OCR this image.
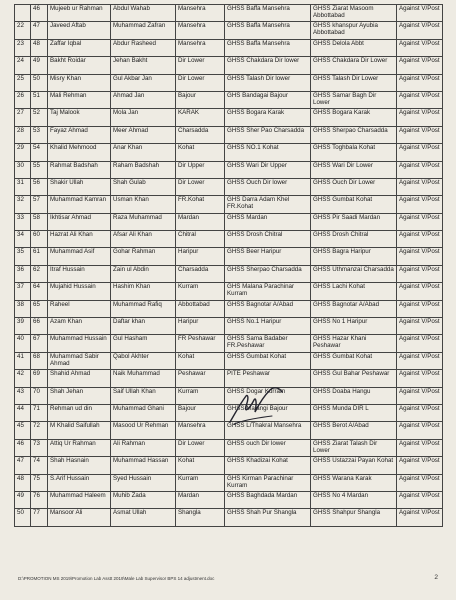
	46	Mujeeb ur Rahman	Abdul Wahab	Mansehra	GHSS Baffa Mansehra	GHSS Ziarat Masoom Abbottabad	Against V/Post
22	47	Javeed Aftab	Muhammad Zafran	Mansehra	GHSS Baffa Mansehra	GHSS khanspur Ayubia Abbottabad	Against V/Post
23	48	Zaffar Iqbal	Abdur Rasheed	Mansehra	GHSS Baffa Mansehra	GHSS Delola Abbt	Against V/Post
24	49	Bakht Roidar	Jehan Bakht	Dir Lower	GHSS Chakdara Dir lower	GHSS Chakdara Dir Lower	Against V/Post
25	50	Misry Khan	Gul Akbar Jan	Dir Lower	GHSS Talash Dir lower	GHSS Talash Dir Lower	Against V/Post
26	51	Mali Rehman	Ahmad Jan	Bajour	GHS Bandagai Bajour	GHSS Samar Bagh Dir Lower	Against V/Post
27	52	Taj Malook	Mola Jan	KARAK	GHSS Bogara Karak	GHSS Bogara Karak	Against V/Post
28	53	Fayaz Ahmad	Meer Ahmad	Charsadda	GHSS Sher Pao Charsadda	GHSS Sherpao Charsadda	Against V/Post
29	54	Khalid Mehmood	Anar Khan	Kohat	GHSS NO.1 Kohat	GHSS Toghbala Kohat	Against V/Post
30	55	Rahmat Badshah	Raham Badshah	Dir Upper	GHSS Wari Dir Upper	GHSS Wari Dir Lower	Against V/Post
31	56	Shakir Ullah	Shah Gulab	Dir Lower	GHSS Ouch Dir lower	GHSS Ouch Dir Lower	Against V/Post
32	57	Muhammad Kamran	Usman Khan	FR.Kohat	GHS Darra Adam Khel FR.Kohat	GHSS Gumbat Kohat	Against V/Post
33	58	Ikhtisar Ahmad	Raza Muhammad	Mardan	GHSS Mardan	GHSS Pir Saadi Mardan	Against V/Post
34	60	Hazrat Ali Khan	Afsar Ali Khan	Chitral	GHSS Drosh Chitral	GHSS Drosh Chitral	Against V/Post
35	61	Muhammad Asif	Gohar Rahman	Haripur	GHSS Beer Haripur	GHSS Bagra Haripur	Against V/Post
36	62	Itraf Hussain	Zain ul Abdin	Charsadda	GHSS Sherpao Charsadda	GHSS Uthmanzai Charsadda	Against V/Post
37	64	Mujahid Hussain	Hashim Khan	Kurram	GHS Malana Parachinar Kurram	GHSS Lachi Kohat	Against V/Post
38	65	Raheel	Muhammad Rafiq	Abbottabad	GHSS Bagnotar A/Abad	GHSS Bagnotar A/Abad	Against V/Post
39	66	Azam Khan	Daftar khan	Haripur	GHSS No.1 Haripur	GHSS No 1 Haripur	Against V/Post
40	67	Muhammad Hussain	Gul Hasham	FR Peshawar	GHSS Sama Badaber FR.Peshawar	GHSS Hazar Khani Peshawar	Against V/Post
41	68	Muhammad Sabir Ahmad	Qabol Akhter	Kohat	GHSS Gumbat Kohat	GHSS Gumbat Kohat	Against V/Post
42	69	Shahid Ahmad	Naik Muhammad	Peshawar	PITE Peshawar	GHSS Gul Bahar Peshawar	Against V/Post
43	70	Shah Jehan	Saif Ullah Khan	Kurram	GHSS Dogar Kurram	GHSS Doaba Hangu	Against V/Post
44	71	Rehman ud din	Muhammad Ghani	Bajour	GHSS Malangi Bajour	GHSS Munda DIR L	Against V/Post
45	72	M Khalid Saifullah	Masood Ur Rehman	Mansehra	GHSS L/Thakral Mansehra	GHSS Berot A/Abad	Against V/Post
46	73	Attiq Ur Rahman	Ali Rahman	Dir Lower	GHSS ouch Dir lower	GHSS Ziarat Talash Dir Lower	Against V/Post
47	74	Shah Hasnain	Muhammad Hassan	Kohat	GHSS Khadizai Kohat	GHSS Ustazzai Payan Kohat	Against V/Post
48	75	S.Arif Hussain	Syed Hussain	Kurram	GHS Kirman Parachinar Kurram	GHSS Warana Karak	Against V/Post
49	76	Muhammad Haleem	Muhib Zada	Mardan	GHSS Baghdada Mardan	GHSS No 4 Mardan	Against V/Post
50	77	Mansoor Ali	Asmat Ullah	Shangla	GHSS Shah Pur Shangla	GHSS Shahpur Shangla	Against V/Post
D:\PROMOTION MS 2019\Promotion Lab Asstt 2019\Male Lab Supervisor BPS 14 adjustment.doc	2
